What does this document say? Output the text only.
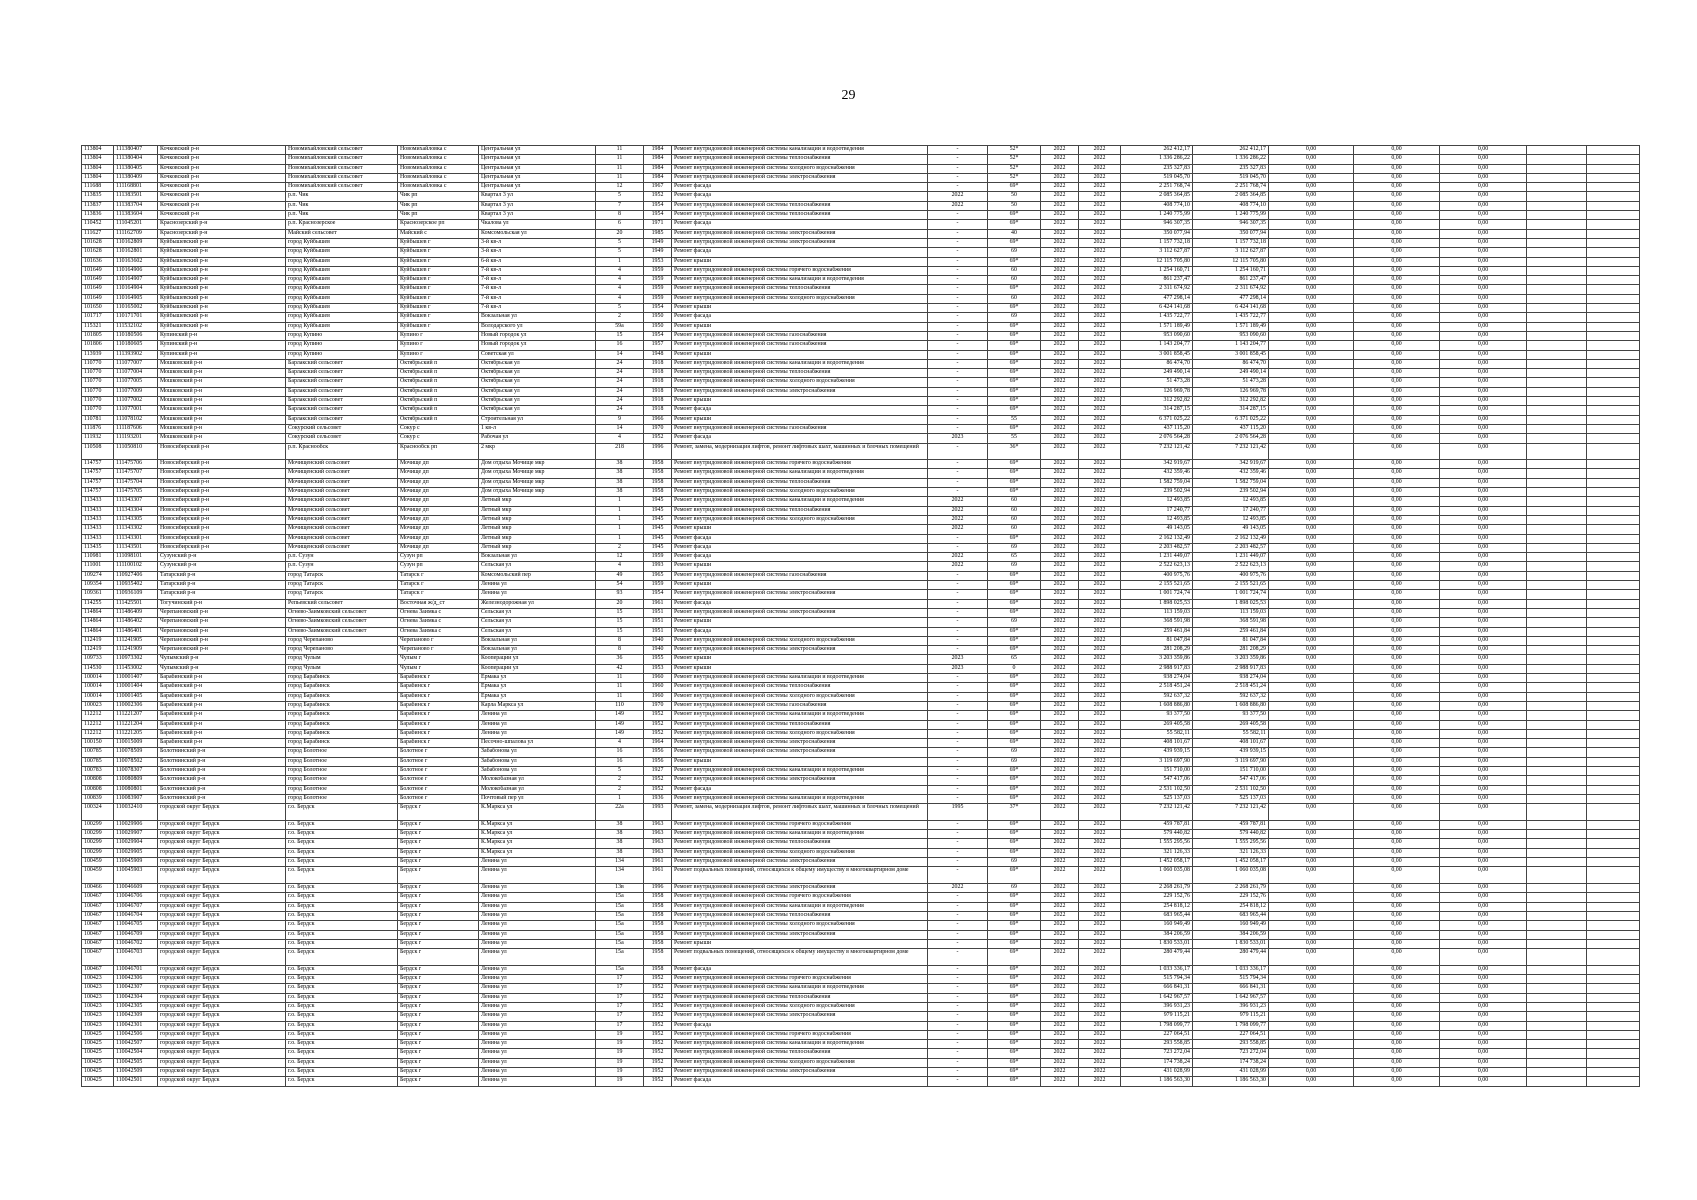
29
113804	111380407	Кочковский р-н	Новомихайловский сельсовет	Новомихайловка с	Центральная ул	11	1984	Ремонт внутридомовой инженерной системы канализации и водоотведения	-	52*	2022	2022	262 412,17	262 412,17	0,00	0,00	0,00		
113804	111380404	Кочковский р-н	Новомихайловский сельсовет	Новомихайловка с	Центральная ул	11	1984	Ремонт внутридомовой инженерной системы теплоснабжения	-	52*	2022	2022	1 336 286,22	1 336 286,22	0,00	0,00	0,00		
113804	111380405	Кочковский р-н	Новомихайловский сельсовет	Новомихайловка с	Центральная ул	11	1984	Ремонт внутридомовой инженерной системы холодного водоснабжения	-	52*	2022	2022	235 327,83	235 327,83	0,00	0,00	0,00		
113804	111380409	Кочковский р-н	Новомихайловский сельсовет	Новомихайловка с	Центральная ул	11	1984	Ремонт внутридомовой инженерной системы электроснабжения	-	52*	2022	2022	519 045,70	519 045,70	0,00	0,00	0,00		
111688	111168801	Кочковский р-н	Новомихайловский сельсовет	Новомихайловка с	Центральная ул	12	1967	Ремонт фасада	-	69*	2022	2022	2 251 768,74	2 251 768,74	0,00	0,00	0,00		
113835	111383501	Кочковский р-н	р.п. Чик	Чик рп	Квартал 3 ул	5	1952	Ремонт фасада	2022	50	2022	2022	2 085 364,85	2 085 364,85	0,00	0,00	0,00		
113837	111383704	Кочковский р-н	р.п. Чик	Чик рп	Квартал 3 ул	7	1954	Ремонт внутридомовой инженерной системы теплоснабжения	2022	50	2022	2022	408 774,10	408 774,10	0,00	0,00	0,00		
113836	111383604	Кочковский р-н	р.п. Чик	Чик рп	Квартал 3 ул	8	1954	Ремонт внутридомовой инженерной системы теплоснабжения	-	69*	2022	2022	1 240 775,99	1 240 775,99	0,00	0,00	0,00		
110452	111045201	Краснозерский р-н	р.п. Краснозерское	Краснозерское рп	Чкалова ул	6	1971	Ремонт фасада	-	69*	2022	2022	946 307,35	946 307,35	0,00	0,00	0,00		
111627	111162709	Краснозерский р-н	Майский сельсовет	Майский с	Комсомольская ул	20	1985	Ремонт внутридомовой инженерной системы электроснабжения	-	40	2022	2022	350 077,94	350 077,94	0,00	0,00	0,00		
101628	110162809	Куйбышевский р-н	город Куйбышев	Куйбышев г	3-й кв-л	5	1949	Ремонт внутридомовой инженерной системы электроснабжения	-	69*	2022	2022	1 157 732,18	1 157 732,18	0,00	0,00	0,00		
101628	110162801	Куйбышевский р-н	город Куйбышев	Куйбышев г	3-й кв-л	5	1949	Ремонт фасада	-	69	2022	2022	3 112 627,87	3 112 627,87	0,00	0,00	0,00		
101636	110163602	Куйбышевский р-н	город Куйбышев	Куйбышев г	6-й кв-л	1	1953	Ремонт крыши	-	69*	2022	2022	12 115 705,80	12 115 705,80	0,00	0,00	0,00		
101649	110164906	Куйбышевский р-н	город Куйбышев	Куйбышев г	7-й кв-л	4	1959	Ремонт внутридомовой инженерной системы горячего водоснабжения	-	60	2022	2022	1 254 160,71	1 254 160,71	0,00	0,00	0,00		
101649	110164907	Куйбышевский р-н	город Куйбышев	Куйбышев г	7-й кв-л	4	1959	Ремонт внутридомовой инженерной системы канализации и водоотведения	-	60	2022	2022	861 237,47	861 237,47	0,00	0,00	0,00		
101649	110164904	Куйбышевский р-н	город Куйбышев	Куйбышев г	7-й кв-л	4	1959	Ремонт внутридомовой инженерной системы теплоснабжения	-	69*	2022	2022	2 311 674,92	2 311 674,92	0,00	0,00	0,00		
101649	110164905	Куйбышевский р-н	город Куйбышев	Куйбышев г	7-й кв-л	4	1959	Ремонт внутридомовой инженерной системы холодного водоснабжения	-	60	2022	2022	477 298,14	477 298,14	0,00	0,00	0,00		
101650	110165002	Куйбышевский р-н	город Куйбышев	Куйбышев г	7-й кв-л	5	1954	Ремонт крыши	-	69*	2022	2022	6 424 141,68	6 424 141,68	0,00	0,00	0,00		
101717	110171701	Куйбышевский р-н	город Куйбышев	Куйбышев г	Вокзальная ул	2	1950	Ремонт фасада	-	69	2022	2022	1 435 722,77	1 435 722,77	0,00	0,00	0,00		
115321	111532102	Куйбышевский р-н	город Куйбышев	Куйбышев г	Володарского ул	59а	1950	Ремонт крыши	-	69*	2022	2022	1 571 189,49	1 571 189,49	0,00	0,00	0,00		
101805	110180506	Купинский р-н	город Купино	Купино г	Новый городок ул	15	1954	Ремонт внутридомовой инженерной системы газоснабжения	-	69*	2022	2022	953 090,60	953 090,60	0,00	0,00	0,00		
101806	110180605	Купинский р-н	город Купино	Купино г	Новый городок ул	16	1957	Ремонт внутридомовой инженерной системы газоснабжения	-	69*	2022	2022	1 143 204,77	1 143 204,77	0,00	0,00	0,00		
113939	111393902	Купинский р-н	город Купино	Купино г	Советская ул	14	1948	Ремонт крыши	-	69*	2022	2022	3 001 858,45	3 001 858,45	0,00	0,00	0,00		
110770	111077007	Мошковский р-н	Барлакский сельсовет	Октябрьский п	Октябрьская ул	24	1918	Ремонт внутридомовой инженерной системы канализации и водоотведения	-	69*	2022	2022	86 474,70	86 474,70	0,00	0,00	0,00		
110770	111077004	Мошковский р-н	Барлакский сельсовет	Октябрьский п	Октябрьская ул	24	1918	Ремонт внутридомовой инженерной системы теплоснабжения	-	69*	2022	2022	249 490,14	249 490,14	0,00	0,00	0,00		
110770	111077005	Мошковский р-н	Барлакский сельсовет	Октябрьский п	Октябрьская ул	24	1918	Ремонт внутридомовой инженерной системы холодного водоснабжения	-	69*	2022	2022	51 473,28	51 473,28	0,00	0,00	0,00		
110770	111077009	Мошковский р-н	Барлакский сельсовет	Октябрьский п	Октябрьская ул	24	1918	Ремонт внутридомовой инженерной системы электроснабжения	-	69*	2022	2022	126 969,78	126 969,78	0,00	0,00	0,00		
110770	111077002	Мошковский р-н	Барлакский сельсовет	Октябрьский п	Октябрьская ул	24	1918	Ремонт крыши	-	69*	2022	2022	312 292,82	312 292,82	0,00	0,00	0,00		
110770	111077001	Мошковский р-н	Барлакский сельсовет	Октябрьский п	Октябрьская ул	24	1918	Ремонт фасада	-	69*	2022	2022	314 287,15	314 287,15	0,00	0,00	0,00		
110781	111078102	Мошковский р-н	Барлакский сельсовет	Октябрьский п	Строительная ул	9	1966	Ремонт крыши	-	55	2022	2022	6 371 025,22	6 371 025,22	0,00	0,00	0,00		
111876	111187606	Мошковский р-н	Сокурский сельсовет	Сокур с	1 кв-л	14	1970	Ремонт внутридомовой инженерной системы газоснабжения	-	69*	2022	2022	437 115,20	437 115,20	0,00	0,00	0,00		
111932	111193201	Мошковский р-н	Сокурский сельсовет	Сокур с	Рабочая ул	4	1952	Ремонт фасада	2023	55	2022	2022	2 076 564,28	2 076 564,28	0,00	0,00	0,00		
110508	111050810	Новосибирский р-н	р.п. Краснообск	Краснообск рп	2 мкр	218	1996	Ремонт, замена, модернизация лифтов, ремонт лифтовых шахт, машинных и блочных помещений	-	36*	2022	2022	7 232 121,42	7 232 121,42	0,00	0,00	0,00		
114757	111475706	Новосибирский р-н	Мочищенский сельсовет	Мочище дп	Дом отдыха Мочище мкр	38	1958	Ремонт внутридомовой инженерной системы горячего водоснабжения	-	69*	2022	2022	342 919,67	342 919,67	0,00	0,00	0,00		
114757	111475707	Новосибирский р-н	Мочищенский сельсовет	Мочище дп	Дом отдыха Мочище мкр	38	1958	Ремонт внутридомовой инженерной системы канализации и водоотведения	-	69*	2022	2022	432 359,46	432 359,46	0,00	0,00	0,00		
114757	111475704	Новосибирский р-н	Мочищенский сельсовет	Мочище дп	Дом отдыха Мочище мкр	38	1958	Ремонт внутридомовой инженерной системы теплоснабжения	-	69*	2022	2022	1 582 759,04	1 582 759,04	0,00	0,00	0,00		
114757	111475705	Новосибирский р-н	Мочищенский сельсовет	Мочище дп	Дом отдыха Мочище мкр	38	1958	Ремонт внутридомовой инженерной системы холодного водоснабжения	-	69*	2022	2022	239 502,94	239 502,94	0,00	0,00	0,00		
113433	111343307	Новосибирский р-н	Мочищенский сельсовет	Мочище дп	Летный мкр	1	1945	Ремонт внутридомовой инженерной системы канализации и водоотведения	2022	60	2022	2022	12 493,85	12 493,85	0,00	0,00	0,00		
113433	111343304	Новосибирский р-н	Мочищенский сельсовет	Мочище дп	Летный мкр	1	1945	Ремонт внутридомовой инженерной системы теплоснабжения	2022	60	2022	2022	17 240,77	17 240,77	0,00	0,00	0,00		
113433	111343305	Новосибирский р-н	Мочищенский сельсовет	Мочище дп	Летный мкр	1	1945	Ремонт внутридомовой инженерной системы холодного водоснабжения	2022	60	2022	2022	12 493,85	12 493,85	0,00	0,00	0,00		
113433	111343302	Новосибирский р-н	Мочищенский сельсовет	Мочище дп	Летный мкр	1	1945	Ремонт крыши	2022	60	2022	2022	49 143,05	49 143,05	0,00	0,00	0,00		
113433	111343301	Новосибирский р-н	Мочищенский сельсовет	Мочище дп	Летный мкр	1	1945	Ремонт фасада	-	69*	2022	2022	2 162 132,49	2 162 132,49	0,00	0,00	0,00		
113435	111343501	Новосибирский р-н	Мочищенский сельсовет	Мочище дп	Летный мкр	2	1945	Ремонт фасада	-	69	2022	2022	2 203 482,57	2 203 482,57	0,00	0,00	0,00		
110981	111098101	Сузунский р-н	р.п. Сузун	Сузун рп	Вокзальная ул	12	1959	Ремонт фасада	2022	65	2022	2022	1 231 449,07	1 231 449,07	0,00	0,00	0,00		
111001	111100102	Сузунский р-н	р.п. Сузун	Сузун рп	Сельская ул	4	1993	Ремонт крыши	2022	69	2022	2022	2 522 623,13	2 522 623,13	0,00	0,00	0,00		
109274	110927406	Татарский р-н	город Татарск	Татарск г	Комсомольский пер	49	1965	Ремонт внутридомовой инженерной системы газоснабжения	-	69*	2022	2022	400 975,76	400 975,76	0,00	0,00	0,00		
109354	110935402	Татарский р-н	город Татарск	Татарск г	Ленина ул	54	1959	Ремонт крыши	-	69*	2022	2022	2 155 521,65	2 155 521,65	0,00	0,00	0,00		
109361	110936109	Татарский р-н	город Татарск	Татарск г	Ленина ул	93	1954	Ремонт внутридомовой инженерной системы электроснабжения	-	69*	2022	2022	1 001 724,74	1 001 724,74	0,00	0,00	0,00		
114255	111425501	Тогучинский р-н	Репьевский сельсовет	Восточная ж/д_ст	Железнодорожная ул	20	1961	Ремонт фасада	-	69*	2022	2022	1 898 025,53	1 898 025,53	0,00	0,00	0,00		
114864	111486409	Черепановский р-н	Огнево-Заимковский сельсовет	Огнева Заимка с	Сельская ул	15	1951	Ремонт внутридомовой инженерной системы электроснабжения	-	69*	2022	2022	113 159,03	113 159,03	0,00	0,00	0,00		
114864	111486402	Черепановский р-н	Огнево-Заимковский сельсовет	Огнева Заимка с	Сельская ул	15	1951	Ремонт крыши	-	69	2022	2022	368 591,98	368 591,98	0,00	0,00	0,00		
114864	111486401	Черепановский р-н	Огнево-Заимковский сельсовет	Огнева Заимка с	Сельская ул	15	1951	Ремонт фасада	-	69*	2022	2022	259 461,84	259 461,84	0,00	0,00	0,00		
112419	111241905	Черепановский р-н	город Черепаново	Черепаново г	Вокзальная ул	8	1940	Ремонт внутридомовой инженерной системы холодного водоснабжения	-	69*	2022	2022	81 047,84	81 047,84	0,00	0,00	0,00		
112419	111241909	Черепановский р-н	город Черепаново	Черепаново г	Вокзальная ул	8	1940	Ремонт внутридомовой инженерной системы электроснабжения	-	69*	2022	2022	281 208,29	281 208,29	0,00	0,00	0,00		
109733	110973302	Чулымский р-н	город Чулым	Чулым г	Кооперации ул	36	1955	Ремонт крыши	2023	65	2022	2022	3 203 359,86	3 203 359,86	0,00	0,00	0,00		
114530	111453002	Чулымский р-н	город Чулым	Чулым г	Кооперации ул	42	1953	Ремонт крыши	2023	0	2022	2022	2 988 917,83	2 988 917,83	0,00	0,00	0,00		
100014	110001407	Барабинский р-н	город Барабинск	Барабинск г	Ермака ул	11	1960	Ремонт внутридомовой инженерной системы канализации и водоотведения	-	69*	2022	2022	938 274,04	938 274,04	0,00	0,00	0,00		
100014	110001404	Барабинский р-н	город Барабинск	Барабинск г	Ермака ул	11	1960	Ремонт внутридомовой инженерной системы теплоснабжения	-	69*	2022	2022	2 518 451,24	2 518 451,24	0,00	0,00	0,00		
100014	110001405	Барабинский р-н	город Барабинск	Барабинск г	Ермака ул	11	1960	Ремонт внутридомовой инженерной системы холодного водоснабжения	-	69*	2022	2022	592 637,32	592 637,32	0,00	0,00	0,00		
100023	110002306	Барабинский р-н	город Барабинск	Барабинск г	Карла Маркса ул	110	1970	Ремонт внутридомовой инженерной системы газоснабжения	-	69*	2022	2022	1 608 886,80	1 608 886,80	0,00	0,00	0,00		
112212	111221207	Барабинский р-н	город Барабинск	Барабинск г	Ленина ул	149	1952	Ремонт внутридомовой инженерной системы канализации и водоотведения	-	69*	2022	2022	93 377,50	93 377,50	0,00	0,00	0,00		
112212	111221204	Барабинский р-н	город Барабинск	Барабинск г	Ленина ул	149	1952	Ремонт внутридомовой инженерной системы теплоснабжения	-	69*	2022	2022	269 405,58	269 405,58	0,00	0,00	0,00		
112212	111221205	Барабинский р-н	город Барабинск	Барабинск г	Ленина ул	149	1952	Ремонт внутридомовой инженерной системы холодного водоснабжения	-	69*	2022	2022	55 582,11	55 582,11	0,00	0,00	0,00		
100150	110015009	Барабинский р-н	город Барабинск	Барабинск г	Песочно-шпалова ул	4	1964	Ремонт внутридомовой инженерной системы электроснабжения	-	69*	2022	2022	408 101,67	408 101,67	0,00	0,00	0,00		
100785	110078509	Болотнинский р-н	город Болотное	Болотное г	Забабонова ул	16	1956	Ремонт внутридомовой инженерной системы электроснабжения	-	69	2022	2022	439 939,15	439 939,15	0,00	0,00	0,00		
100785	110078502	Болотнинский р-н	город Болотное	Болотное г	Забабонова ул	16	1956	Ремонт крыши	-	69	2022	2022	3 119 697,90	3 119 697,90	0,00	0,00	0,00		
100783	110078307	Болотнинский р-н	город Болотное	Болотное г	Забабонова ул	5	1927	Ремонт внутридомовой инженерной системы канализации и водоотведения	-	69*	2022	2022	151 710,00	151 710,00	0,00	0,00	0,00		
100808	110080809	Болотнинский р-н	город Болотное	Болотное г	Молокобазная ул	2	1952	Ремонт внутридомовой инженерной системы электроснабжения	-	69*	2022	2022	547 417,06	547 417,06	0,00	0,00	0,00		
100808	110080801	Болотнинский р-н	город Болотное	Болотное г	Молокобазная ул	2	1952	Ремонт фасада	-	69*	2022	2022	2 531 102,50	2 531 102,50	0,00	0,00	0,00		
100839	110083907	Болотнинский р-н	город Болотное	Болотное г	Почтовый пер ул	1	1936	Ремонт внутридомовой инженерной системы канализации и водоотведения	-	69*	2022	2022	525 137,03	525 137,03	0,00	0,00	0,00		
100324	110032410	городской округ Бердск	г.о. Бердск	Бердск г	К.Маркса ул	22а	1993	Ремонт, замена, модернизация лифтов, ремонт лифтовых шахт, машинных и блочных помещений	1995	37*	2022	2022	7 232 121,42	7 232 121,42	0,00	0,00	0,00		
100299	110029906	городской округ Бердск	г.о. Бердск	Бердск г	К.Маркса ул	38	1963	Ремонт внутридомовой инженерной системы горячего водоснабжения	-	69*	2022	2022	459 787,81	459 787,81	0,00	0,00	0,00		
100299	110029907	городской округ Бердск	г.о. Бердск	Бердск г	К.Маркса ул	38	1963	Ремонт внутридомовой инженерной системы канализации и водоотведения	-	69*	2022	2022	579 440,82	579 440,82	0,00	0,00	0,00		
100299	110029904	городской округ Бердск	г.о. Бердск	Бердск г	К.Маркса ул	38	1963	Ремонт внутридомовой инженерной системы теплоснабжения	-	69*	2022	2022	1 555 295,56	1 555 295,56	0,00	0,00	0,00		
100299	110029905	городской округ Бердск	г.о. Бердск	Бердск г	К.Маркса ул	38	1963	Ремонт внутридомовой инженерной системы холодного водоснабжения	-	69*	2022	2022	321 126,33	321 126,33	0,00	0,00	0,00		
100459	110045909	городской округ Бердск	г.о. Бердск	Бердск г	Ленина ул	134	1961	Ремонт внутридомовой инженерной системы электроснабжения	-	69	2022	2022	1 452 058,17	1 452 058,17	0,00	0,00	0,00		
100459	110045903	городской округ Бердск	г.о. Бердск	Бердск г	Ленина ул	134	1961	Ремонт подвальных помещений, относящихся к общему имуществу в многоквартирном доме	-	69*	2022	2022	1 060 035,08	1 060 035,08	0,00	0,00	0,00		
100466	110046609	городской округ Бердск	г.о. Бердск	Бердск г	Ленина ул	13в	1996	Ремонт внутридомовой инженерной системы электроснабжения	2022	69	2022	2022	2 268 261,79	2 268 261,79	0,00	0,00	0,00		
100467	110046706	городской округ Бердск	г.о. Бердск	Бердск г	Ленина ул	15а	1958	Ремонт внутридомовой инженерной системы горячего водоснабжения	-	69*	2022	2022	229 152,76	229 152,76	0,00	0,00	0,00		
100467	110046707	городской округ Бердск	г.о. Бердск	Бердск г	Ленина ул	15а	1958	Ремонт внутридомовой инженерной системы канализации и водоотведения	-	69*	2022	2022	254 818,12	254 818,12	0,00	0,00	0,00		
100467	110046704	городской округ Бердск	г.о. Бердск	Бердск г	Ленина ул	15а	1958	Ремонт внутридомовой инженерной системы теплоснабжения	-	69*	2022	2022	683 965,44	683 965,44	0,00	0,00	0,00		
100467	110046705	городской округ Бердск	г.о. Бердск	Бердск г	Ленина ул	15а	1958	Ремонт внутридомовой инженерной системы холодного водоснабжения	-	69*	2022	2022	160 949,49	160 949,49	0,00	0,00	0,00		
100467	110046709	городской округ Бердск	г.о. Бердск	Бердск г	Ленина ул	15а	1958	Ремонт внутридомовой инженерной системы электроснабжения	-	69*	2022	2022	384 206,59	384 206,59	0,00	0,00	0,00		
100467	110046702	городской округ Бердск	г.о. Бердск	Бердск г	Ленина ул	15а	1958	Ремонт крыши	-	69*	2022	2022	1 830 533,01	1 830 533,01	0,00	0,00	0,00		
100467	110046703	городской округ Бердск	г.о. Бердск	Бердск г	Ленина ул	15а	1958	Ремонт подвальных помещений, относящихся к общему имуществу в многоквартирном доме	-	69*	2022	2022	280 479,44	280 479,44	0,00	0,00	0,00		
100467	110046701	городской округ Бердск	г.о. Бердск	Бердск г	Ленина ул	15а	1958	Ремонт фасада	-	69*	2022	2022	1 033 336,17	1 033 336,17	0,00	0,00	0,00		
100423	110042306	городской округ Бердск	г.о. Бердск	Бердск г	Ленина ул	17	1952	Ремонт внутридомовой инженерной системы горячего водоснабжения	-	69*	2022	2022	515 794,34	515 794,34	0,00	0,00	0,00		
100423	110042307	городской округ Бердск	г.о. Бердск	Бердск г	Ленина ул	17	1952	Ремонт внутридомовой инженерной системы канализации и водоотведения	-	69*	2022	2022	666 841,31	666 841,31	0,00	0,00	0,00		
100423	110042304	городской округ Бердск	г.о. Бердск	Бердск г	Ленина ул	17	1952	Ремонт внутридомовой инженерной системы теплоснабжения	-	69*	2022	2022	1 642 967,57	1 642 967,57	0,00	0,00	0,00		
100423	110042305	городской округ Бердск	г.о. Бердск	Бердск г	Ленина ул	17	1952	Ремонт внутридомовой инженерной системы холодного водоснабжения	-	69*	2022	2022	396 931,23	396 931,23	0,00	0,00	0,00		
100423	110042309	городской округ Бердск	г.о. Бердск	Бердск г	Ленина ул	17	1952	Ремонт внутридомовой инженерной системы электроснабжения	-	69*	2022	2022	979 115,21	979 115,21	0,00	0,00	0,00		
100423	110042301	городской округ Бердск	г.о. Бердск	Бердск г	Ленина ул	17	1952	Ремонт фасада	-	69*	2022	2022	1 798 099,77	1 798 099,77	0,00	0,00	0,00		
100425	110042506	городской округ Бердск	г.о. Бердск	Бердск г	Ленина ул	19	1952	Ремонт внутридомовой инженерной системы горячего водоснабжения	-	69*	2022	2022	227 064,51	227 064,51	0,00	0,00	0,00		
100425	110042507	городской округ Бердск	г.о. Бердск	Бердск г	Ленина ул	19	1952	Ремонт внутридомовой инженерной системы канализации и водоотведения	-	69*	2022	2022	293 558,85	293 558,85	0,00	0,00	0,00		
100425	110042504	городской округ Бердск	г.о. Бердск	Бердск г	Ленина ул	19	1952	Ремонт внутридомовой инженерной системы теплоснабжения	-	69*	2022	2022	723 272,04	723 272,04	0,00	0,00	0,00		
100425	110042505	городской округ Бердск	г.о. Бердск	Бердск г	Ленина ул	19	1952	Ремонт внутридомовой инженерной системы холодного водоснабжения	-	69*	2022	2022	174 738,24	174 738,24	0,00	0,00	0,00		
100425	110042509	городской округ Бердск	г.о. Бердск	Бердск г	Ленина ул	19	1952	Ремонт внутридомовой инженерной системы электроснабжения	-	69*	2022	2022	431 028,99	431 028,99	0,00	0,00	0,00		
100425	110042501	городской округ Бердск	г.о. Бердск	Бердск г	Ленина ул	19	1952	Ремонт фасада	-	69*	2022	2022	1 186 563,30	1 186 563,30	0,00	0,00	0,00		
